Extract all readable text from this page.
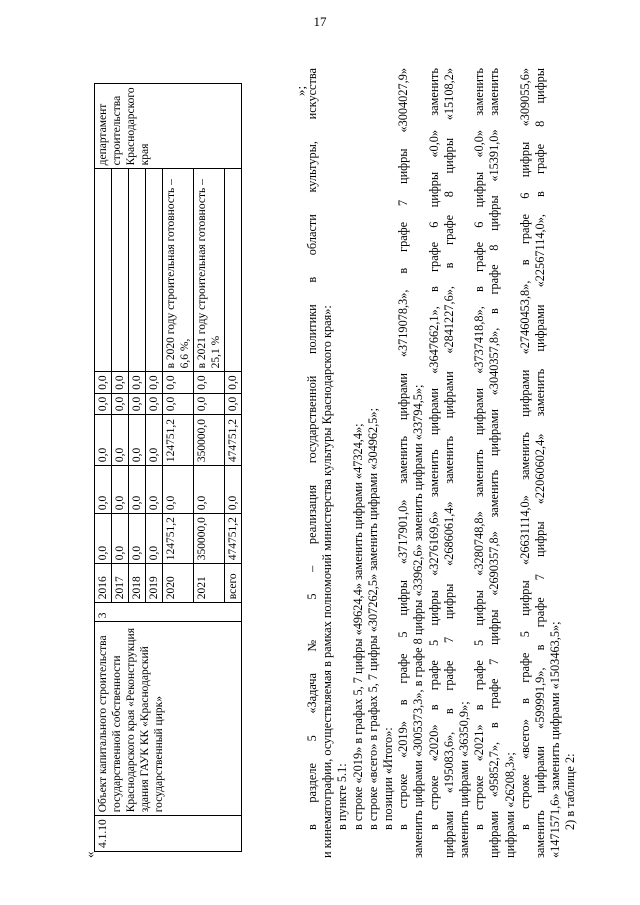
17
«
4.1.10	Объект капитального строительства государственной собственности Краснодарского края «Реконструкция здания ГАУК КК «Краснодарский государственный цирк»	3	2016	0,0	0,0	0,0	0,0	0,0		департамент строительства Краснодарского края
			2017	0,0	0,0	0,0	0,0	0,0		
			2018	0,0	0,0	0,0	0,0	0,0		
			2019	0,0	0,0	0,0	0,0	0,0		
			2020	124751,2	0,0	124751,2	0,0	0,0	в 2020 году строительная готовность – 6,6 %,	
			2021	350000,0	0,0	350000,0	0,0	0,0	в 2021 году строительная готовность – 25,1 %	
			всего	474751,2	0,0	474751,2	0,0	0,0		
»;
в разделе 5 «Задача № 5 – реализация государственной политики в области культуры, искусства и кинематографии, осуществляемая в рамках полномочий министерства культуры Краснодарского края»: в пункте 5.1: в строке «2019» в графах 5, 7 цифры «49624,4» заменить цифрами «47324,4»; в строке «всего» в графах 5, 7 цифры «307262,5» заменить цифрами «304962,5»; в позиции «Итого»: в строке «2019» в графе 5 цифры «3717901,0» заменить цифрами «3719078,3», в графе 7 цифры «3004027,9» заменить цифрами «3005373,3», в графе 8 цифры «33962,6» заменить цифрами «33794,5»; в строке «2020» в графе 5 цифры «3276169,6» заменить цифрами «3647662,1», в графе 6 цифры «0,0» заменить цифрами «195083,6», в графе 7 цифры «2686061,4» заменить цифрами «2841227,6», в графе 8 цифры «15108,2» заменить цифрами «36350,9»; в строке «2021» в графе 5 цифры «3280748,8» заменить цифрами «3737418,8», в графе 6 цифры «0,0» заменить цифрами «95852,7», в графе 7 цифры «2690357,8» заменить цифрами «3040357,8», в графе 8 цифры «15391,0» заменить цифрами «26208,3»; в строке «всего» в графе 5 цифры «26631114,0» заменить цифрами «27460453,8», в графе 6 цифры «309055,6» заменить цифрами «599991,9», в графе 7 цифры «22060602,4» заменить цифрами «22567114,0», в графе 8 цифры «1471571,6» заменить цифрами «1503463,5»; 2) в таблице 2:
